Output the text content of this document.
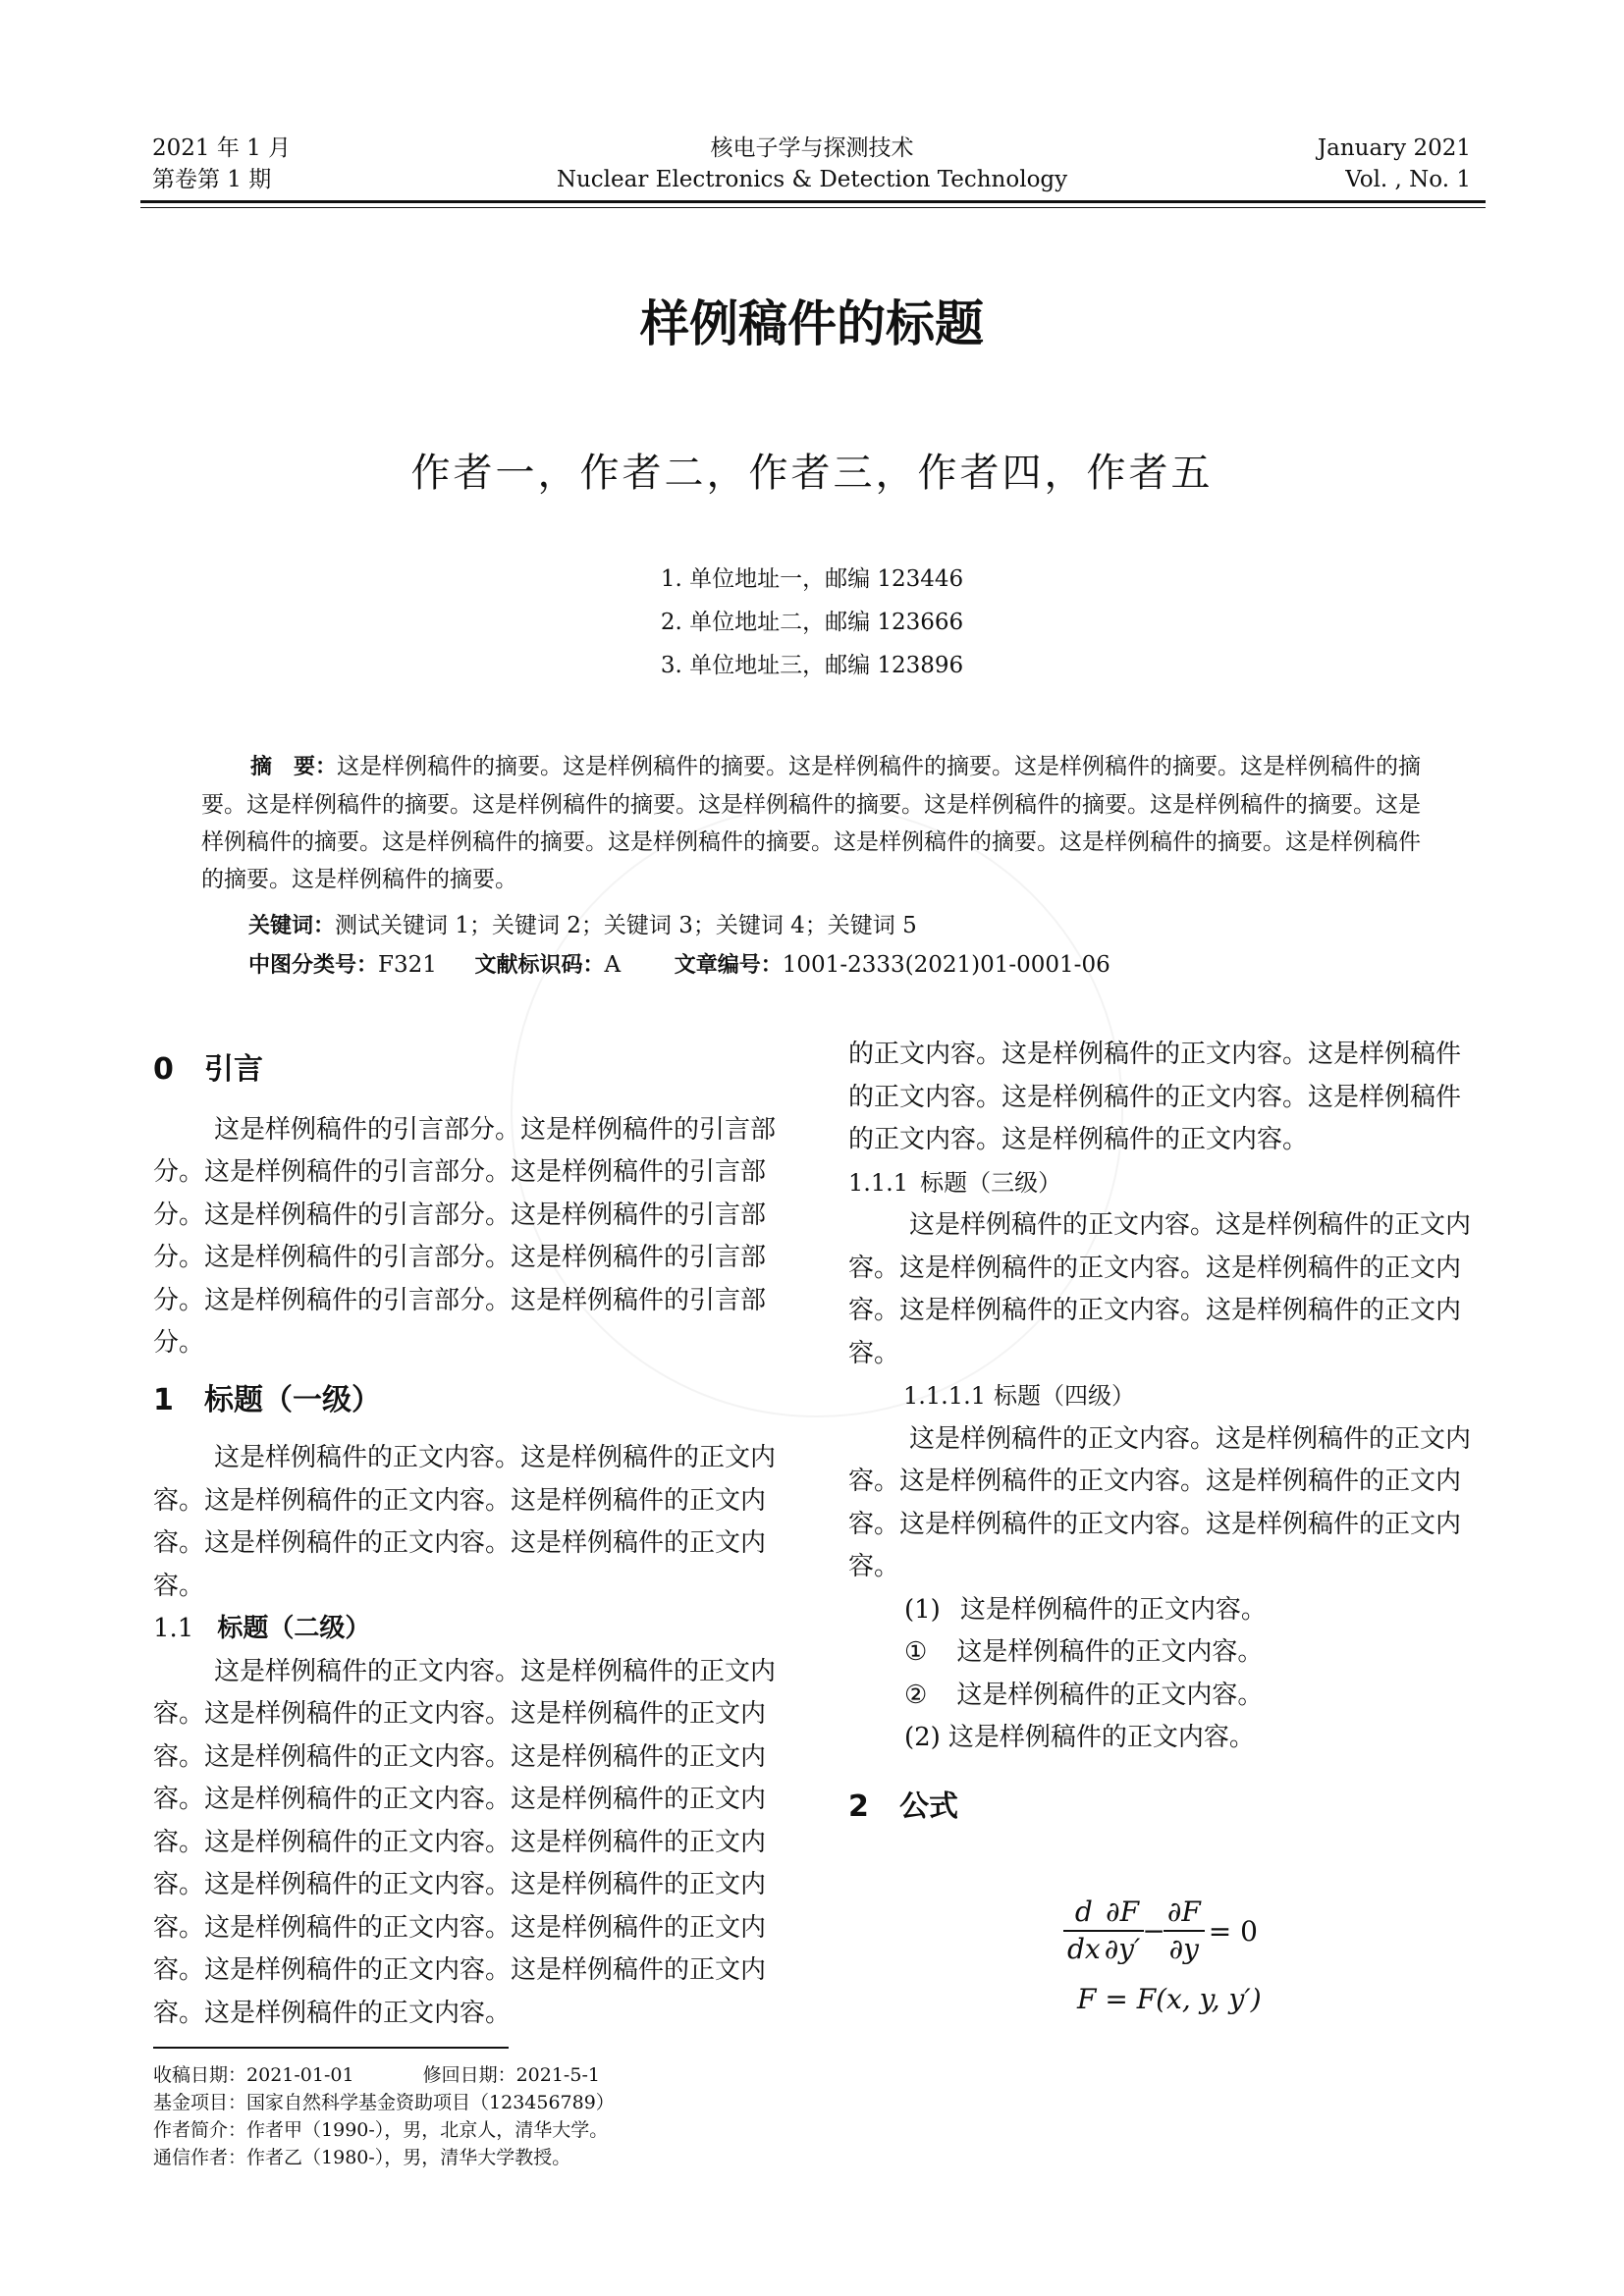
2021 年 1 月
第卷第 1 期
核电子学与探测技术
Nuclear Electronics & Detection Technology
January 2021
Vol. , No. 1
样例稿件的标题
作者一，作者二，作者三，作者四，作者五
1. 单位地址一，邮编 123446
2. 单位地址二，邮编 123666
3. 单位地址三，邮编 123896

摘　要：这是样例稿件的摘要。这是样例稿件的摘要。这是样例稿件的摘要。这是样例稿件的摘要。这是样例稿件的摘要。这是样例稿件的摘要。这是样例稿件的摘要。这是样例稿件的摘要。这是样例稿件的摘要。这是样例稿件的摘要。这是样例稿件的摘要。这是样例稿件的摘要。这是样例稿件的摘要。这是样例稿件的摘要。这是样例稿件的摘要。这是样例稿件的摘要。这是样例稿件的摘要。

关键词：测试关键词 1；关键词 2；关键词 3；关键词 4；关键词 5
中图分类号：F321 文献标识码：A 文章编号：1001-2333(2021)01-0001-06
0 引言

这是样例稿件的引言部分。这是样例稿件的引言部分。这是样例稿件的引言部分。这是样例稿件的引言部分。这是样例稿件的引言部分。这是样例稿件的引言部分。这是样例稿件的引言部分。这是样例稿件的引言部分。这是样例稿件的引言部分。这是样例稿件的引言部分。

1 标题（一级）

这是样例稿件的正文内容。这是样例稿件的正文内容。这是样例稿件的正文内容。这是样例稿件的正文内容。这是样例稿件的正文内容。这是样例稿件的正文内容。

1.1 标题（二级）

这是样例稿件的正文内容。这是样例稿件的正文内容。这是样例稿件的正文内容。这是样例稿件的正文内容。这是样例稿件的正文内容。这是样例稿件的正文内容。这是样例稿件的正文内容。这是样例稿件的正文内容。这是样例稿件的正文内容。这是样例稿件的正文内容。这是样例稿件的正文内容。这是样例稿件的正文内容。这是样例稿件的正文内容。这是样例稿件的正文内容。这是样例稿件的正文内容。这是样例稿件的正文内容。这是样例稿件的正文内容。

的正文内容。这是样例稿件的正文内容。这是样例稿件的正文内容。这是样例稿件的正文内容。这是样例稿件的正文内容。这是样例稿件的正文内容。

1.1.1 标题（三级）

这是样例稿件的正文内容。这是样例稿件的正文内容。这是样例稿件的正文内容。这是样例稿件的正文内容。这是样例稿件的正文内容。这是样例稿件的正文内容。

1.1.1.1 标题（四级）

这是样例稿件的正文内容。这是样例稿件的正文内容。这是样例稿件的正文内容。这是样例稿件的正文内容。这是样例稿件的正文内容。这是样例稿件的正文内容。

(1) 这是样例稿件的正文内容。
① 这是样例稿件的正文内容。
② 这是样例稿件的正文内容。
(2) 这是样例稿件的正文内容。
2 公式
$\frac{d}{dx} \frac{\partial F}{\partial y'} - \frac{\partial F}{\partial y} = 0$
F = F(x, y, y′)
收稿日期：2021-01-01	修回日期：2021-5-1
基金项目：国家自然科学基金资助项目（123456789）
作者简介：作者甲（1990-），男，北京人，清华大学。
通信作者：作者乙（1980-），男，清华大学教授。
